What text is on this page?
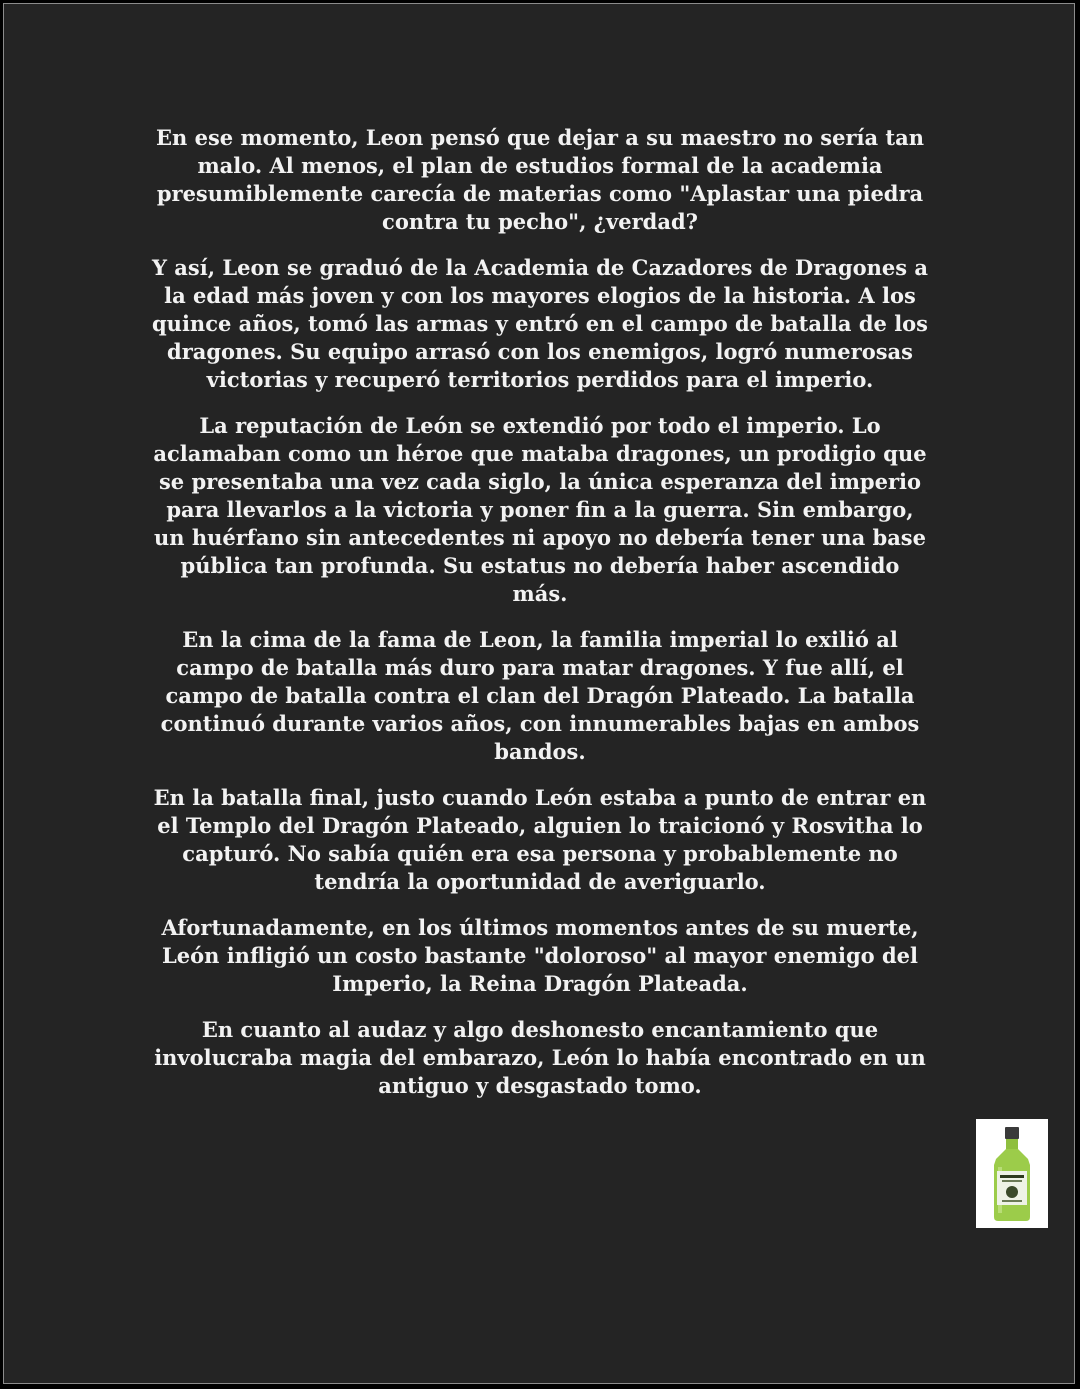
En ese momento, Leon pensó que dejar a su maestro no sería tan malo. Al menos, el plan de estudios formal de la academia presumiblemente carecía de materias como "Aplastar una piedra contra tu pecho", ¿verdad?

Y así, Leon se graduó de la Academia de Cazadores de Dragones a la edad más joven y con los mayores elogios de la historia. A los quince años, tomó las armas y entró en el campo de batalla de los dragones. Su equipo arrasó con los enemigos, logró numerosas victorias y recuperó territorios perdidos para el imperio.

La reputación de León se extendió por todo el imperio. Lo aclamaban como un héroe que mataba dragones, un prodigio que se presentaba una vez cada siglo, la única esperanza del imperio para llevarlos a la victoria y poner fin a la guerra. Sin embargo, un huérfano sin antecedentes ni apoyo no debería tener una base pública tan profunda. Su estatus no debería haber ascendido más.

En la cima de la fama de Leon, la familia imperial lo exilió al campo de batalla más duro para matar dragones. Y fue allí, el campo de batalla contra el clan del Dragón Plateado. La batalla continuó durante varios años, con innumerables bajas en ambos bandos.

En la batalla final, justo cuando León estaba a punto de entrar en el Templo del Dragón Plateado, alguien lo traicionó y Rosvitha lo capturó. No sabía quién era esa persona y probablemente no tendría la oportunidad de averiguarlo.

Afortunadamente, en los últimos momentos antes de su muerte, León infligió un costo bastante "doloroso" al mayor enemigo del Imperio, la Reina Dragón Plateada.

En cuanto al audaz y algo deshonesto encantamiento que involucraba magia del embarazo, León lo había encontrado en un antiguo y desgastado tomo.
